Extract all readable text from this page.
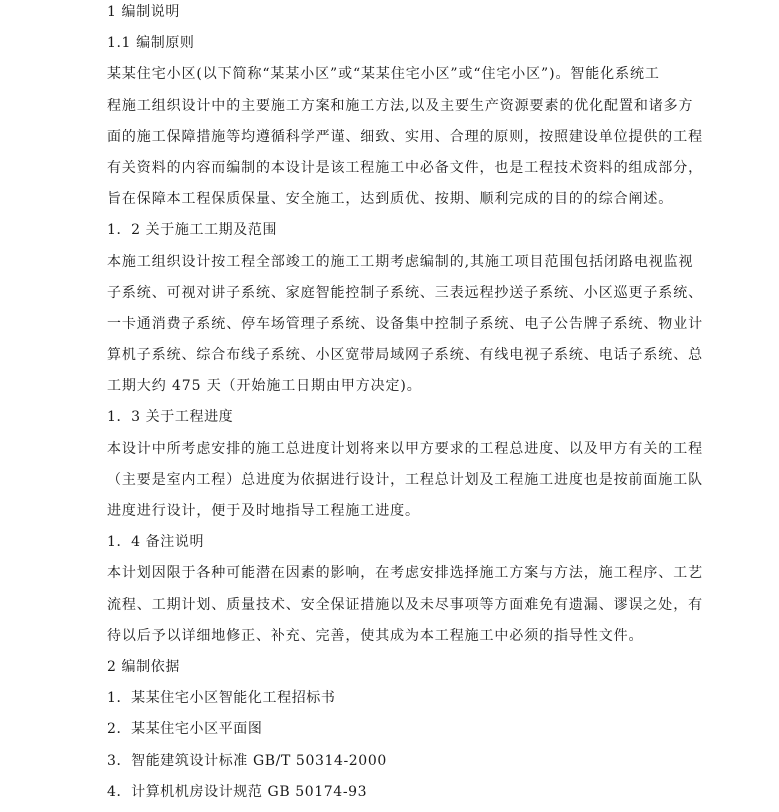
1 编制说明
1.1 编制原则
某某住宅小区(以下简称“某某小区”或“某某住宅小区”或“住宅小区”)。智能化系统工
程施工组织设计中的主要施工方案和施工方法,以及主要生产资源要素的优化配置和诸多方
面的施工保障措施等均遵循科学严谨、细致、实用、合理的原则，按照建设单位提供的工程
有关资料的内容而编制的本设计是该工程施工中必备文件，也是工程技术资料的组成部分，
旨在保障本工程保质保量、安全施工，达到质优、按期、顺利完成的目的的综合阐述。
1．2 关于施工工期及范围
本施工组织设计按工程全部竣工的施工工期考虑编制的,其施工项目范围包括闭路电视监视
子系统、可视对讲子系统、家庭智能控制子系统、三表远程抄送子系统、小区巡更子系统、
一卡通消费子系统、停车场管理子系统、设备集中控制子系统、电子公告牌子系统、物业计
算机子系统、综合布线子系统、小区宽带局域网子系统、有线电视子系统、电话子系统、总
工期大约 475 天（开始施工日期由甲方决定)。
1．3 关于工程进度
本设计中所考虑安排的施工总进度计划将来以甲方要求的工程总进度、以及甲方有关的工程
（主要是室内工程）总进度为依据进行设计，工程总计划及工程施工进度也是按前面施工队
进度进行设计，便于及时地指导工程施工进度。
1．4 备注说明
本计划因限于各种可能潜在因素的影响，在考虑安排选择施工方案与方法，施工程序、工艺
流程、工期计划、质量技术、安全保证措施以及未尽事项等方面难免有遗漏、谬误之处，有
待以后予以详细地修正、补充、完善，使其成为本工程施工中必须的指导性文件。
2 编制依据
1．某某住宅小区智能化工程招标书
2．某某住宅小区平面图
3．智能建筑设计标准 GB/T 50314-2000
4．计算机机房设计规范 GB 50174-93
